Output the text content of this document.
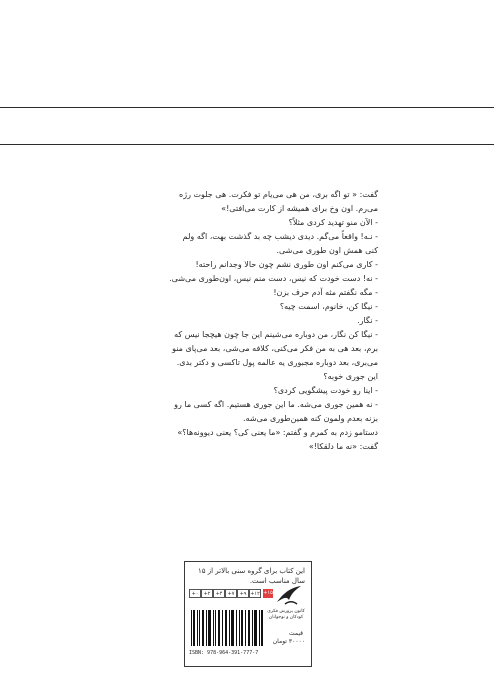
گفت: « تو اگه بری، من هی می‌یام تو فکرت. هی جلوت رژه

می‌رم. اون وخ برای همیشه از کارت می‌افتی!»

- الآن منو تهدید کردی مثلاً؟

- نـه! واقعاً می‌گم. دیدی دیشب چه بد گذشت بهت، اگه ولم

کنی همش اون طوری می‌شی.

- کاری می‌کنم اون طوری نشم چون حالا وجدانم راحته!

- نه! دست خودت که نیس، دست منم نیس، اون‌طوری می‌شی.

- مگه نگفتم مثه آدم حرف بزن!

- نیگا کن، خانوم، اسمت چیه؟

- نگار.

- نیگا کن نگار، من دوباره می‌شینم این جا چون هیچجا نیس که

برم، بعد هی به من فکر می‌کنی، کلافه می‌شی، بعد می‌پای منو

می‌بری، بعد دوباره مجبوری یه عالمه پول تاکسی و دکتر بدی.

این جوری خوبه؟

- اینا رو خودت پیشگویی کردی؟

- نه همین جوری می‌شه. ما این جوری هستیم. اگه کسی ما رو

بزنه بعدم ولمون کنه همین‌طوری می‌شه.

دستامو زدم به کمرم و گفتم: «ما یعنی کی؟ یعنی دیوونه‌ها؟»

گفت: «نه ما دلقکا!»

این کتاب برای گروه سنی بالاتر از ۱۵ سال مناسب است.
+۰	+۲	+۴	+۷	+۹ +۱۲ +۱۵
کانون پرورش فکری کودکان و نوجوانان
ISBN: 978-964-391-777-7
قیمت
۳۰۰۰۰ تومان
